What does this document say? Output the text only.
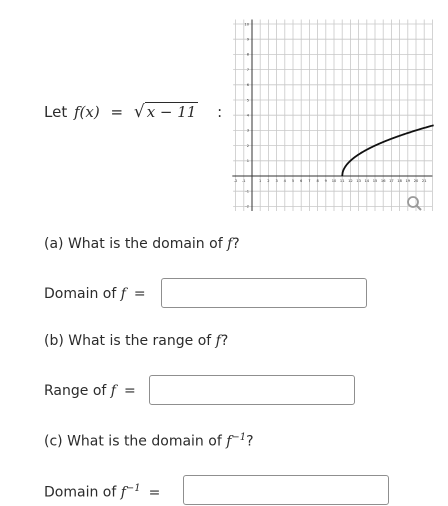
Let f(x) = √ x − 11 :
-2 -1	1 2 3 4 5 6 7 8 9 10 11 12 13 14 15 16 17 18 19 20 21
10
9
8
7
6
5
4
3
2
1
-1
-2
(a) What is the domain of f?
Domain of f =
(b) What is the range of f?
Range of f =
(c) What is the domain of $f^{-1}$?
Domain of $f^{-1}$ =
